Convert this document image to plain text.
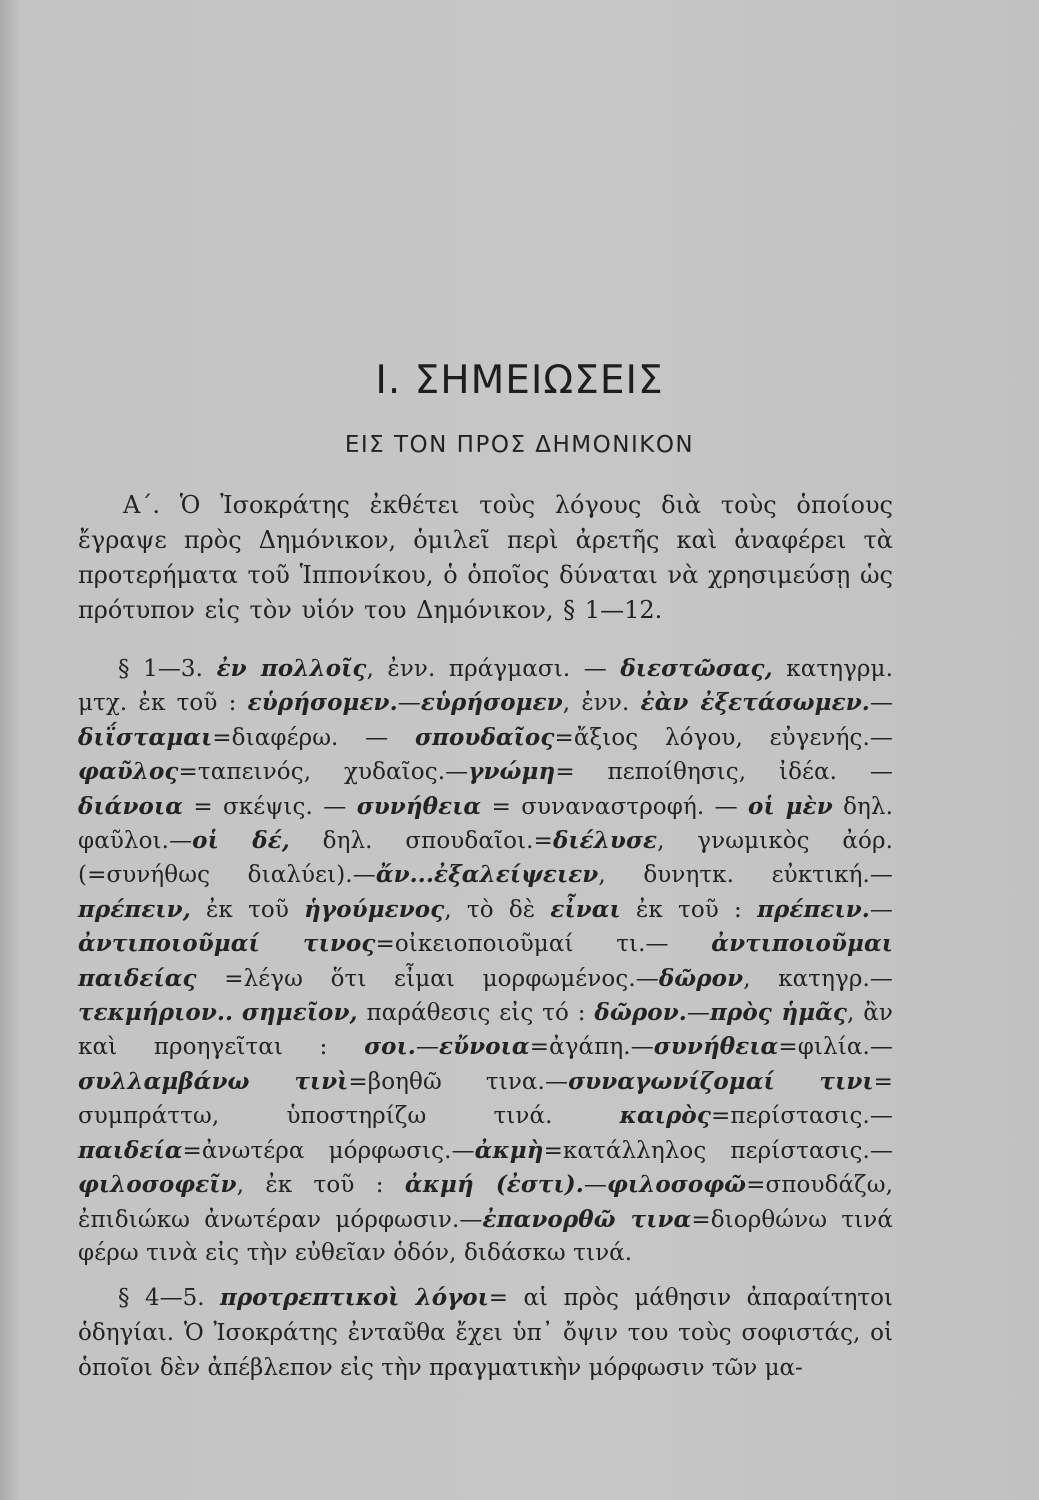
Ι. ΣΗΜΕΙΩΣΕΙΣ
ΕΙΣ ΤΟΝ ΠΡΟΣ ΔΗΜΟΝΙΚΟΝ

Α΄. Ὁ Ἰσοκράτης ἐκθέτει τοὺς λόγους διὰ τοὺς ὁποίους ἔγραψε πρὸς Δημόνικον, ὁμιλεῖ περὶ ἀρετῆς καὶ ἀναφέρει τὰ προτερήματα τοῦ Ἱππονίκου, ὁ ὁποῖος δύναται νὰ χρησιμεύσῃ ὡς πρότυπον εἰς τὸν υἱόν του Δημόνικον, § 1—12.

§ 1—3. ἐν πολλοῖς, ἐνν. πράγμασι. — διεστῶσας, κατηγρμ. μτχ. ἐκ τοῦ : εὑρήσομεν.—εὑρήσομεν, ἐνν. ἐὰν ἐξετάσωμεν.—διΐσταμαι=διαφέρω. — σπουδαῖος=ἄξιος λόγου, εὐγενής.—φαῦλος=ταπεινός, χυδαῖος.—γνώμη= πεποίθησις, ἰδέα. —διάνοια = σκέψις. — συνήθεια = συναναστροφή. — οἱ μὲν δηλ. φαῦλοι.—οἱ δέ, δηλ. σπουδαῖοι.=διέλυσε, γνωμικὸς ἀόρ. (=συνήθως διαλύει).—ἄν...ἐξαλείψειεν, δυνητκ. εὐκτική.—πρέπειν, ἐκ τοῦ ἡγούμενος, τὸ δὲ εἶναι ἐκ τοῦ : πρέπειν.—ἀντιποιοῦμαί τινος=οἰκειοποιοῦμαί τι.— ἀντιποιοῦμαι παιδείας =λέγω ὅτι εἶμαι μορφωμένος.—δῶρον, κατηγρ.—τεκμήριον.. σημεῖον, παράθεσις εἰς τό : δῶρον.—πρὸς ἡμᾶς, ἂν καὶ προηγεῖται : σοι.—εὔνοια=ἀγάπη.—συνήθεια=φιλία.—συλλαμβάνω τινὶ=βοηθῶ τινα.—συναγωνίζομαί τινι= συμπράττω, ὑποστηρίζω τινά. καιρὸς=περίστασις.—παιδεία=ἀνωτέρα μόρφωσις.—ἀκμὴ=κατάλληλος περίστασις.—φιλοσοφεῖν, ἐκ τοῦ : ἀκμή (ἐστι).—φιλοσοφῶ=σπουδάζω, ἐπιδιώκω ἀνωτέραν μόρφωσιν.—ἐπανορθῶ τινα=διορθώνω τινά φέρω τινὰ εἰς τὴν εὐθεῖαν ὁδόν, διδάσκω τινά.

§ 4—5. προτρεπτικοὶ λόγοι= αἱ πρὸς μάθησιν ἀπαραίτητοι ὁδηγίαι. Ὁ Ἰσοκράτης ἐνταῦθα ἔχει ὑπ᾽ ὄψιν του τοὺς σοφιστάς, οἱ ὁποῖοι δὲν ἀπέβλεπον εἰς τὴν πραγματικὴν μόρφωσιν τῶν μα-
